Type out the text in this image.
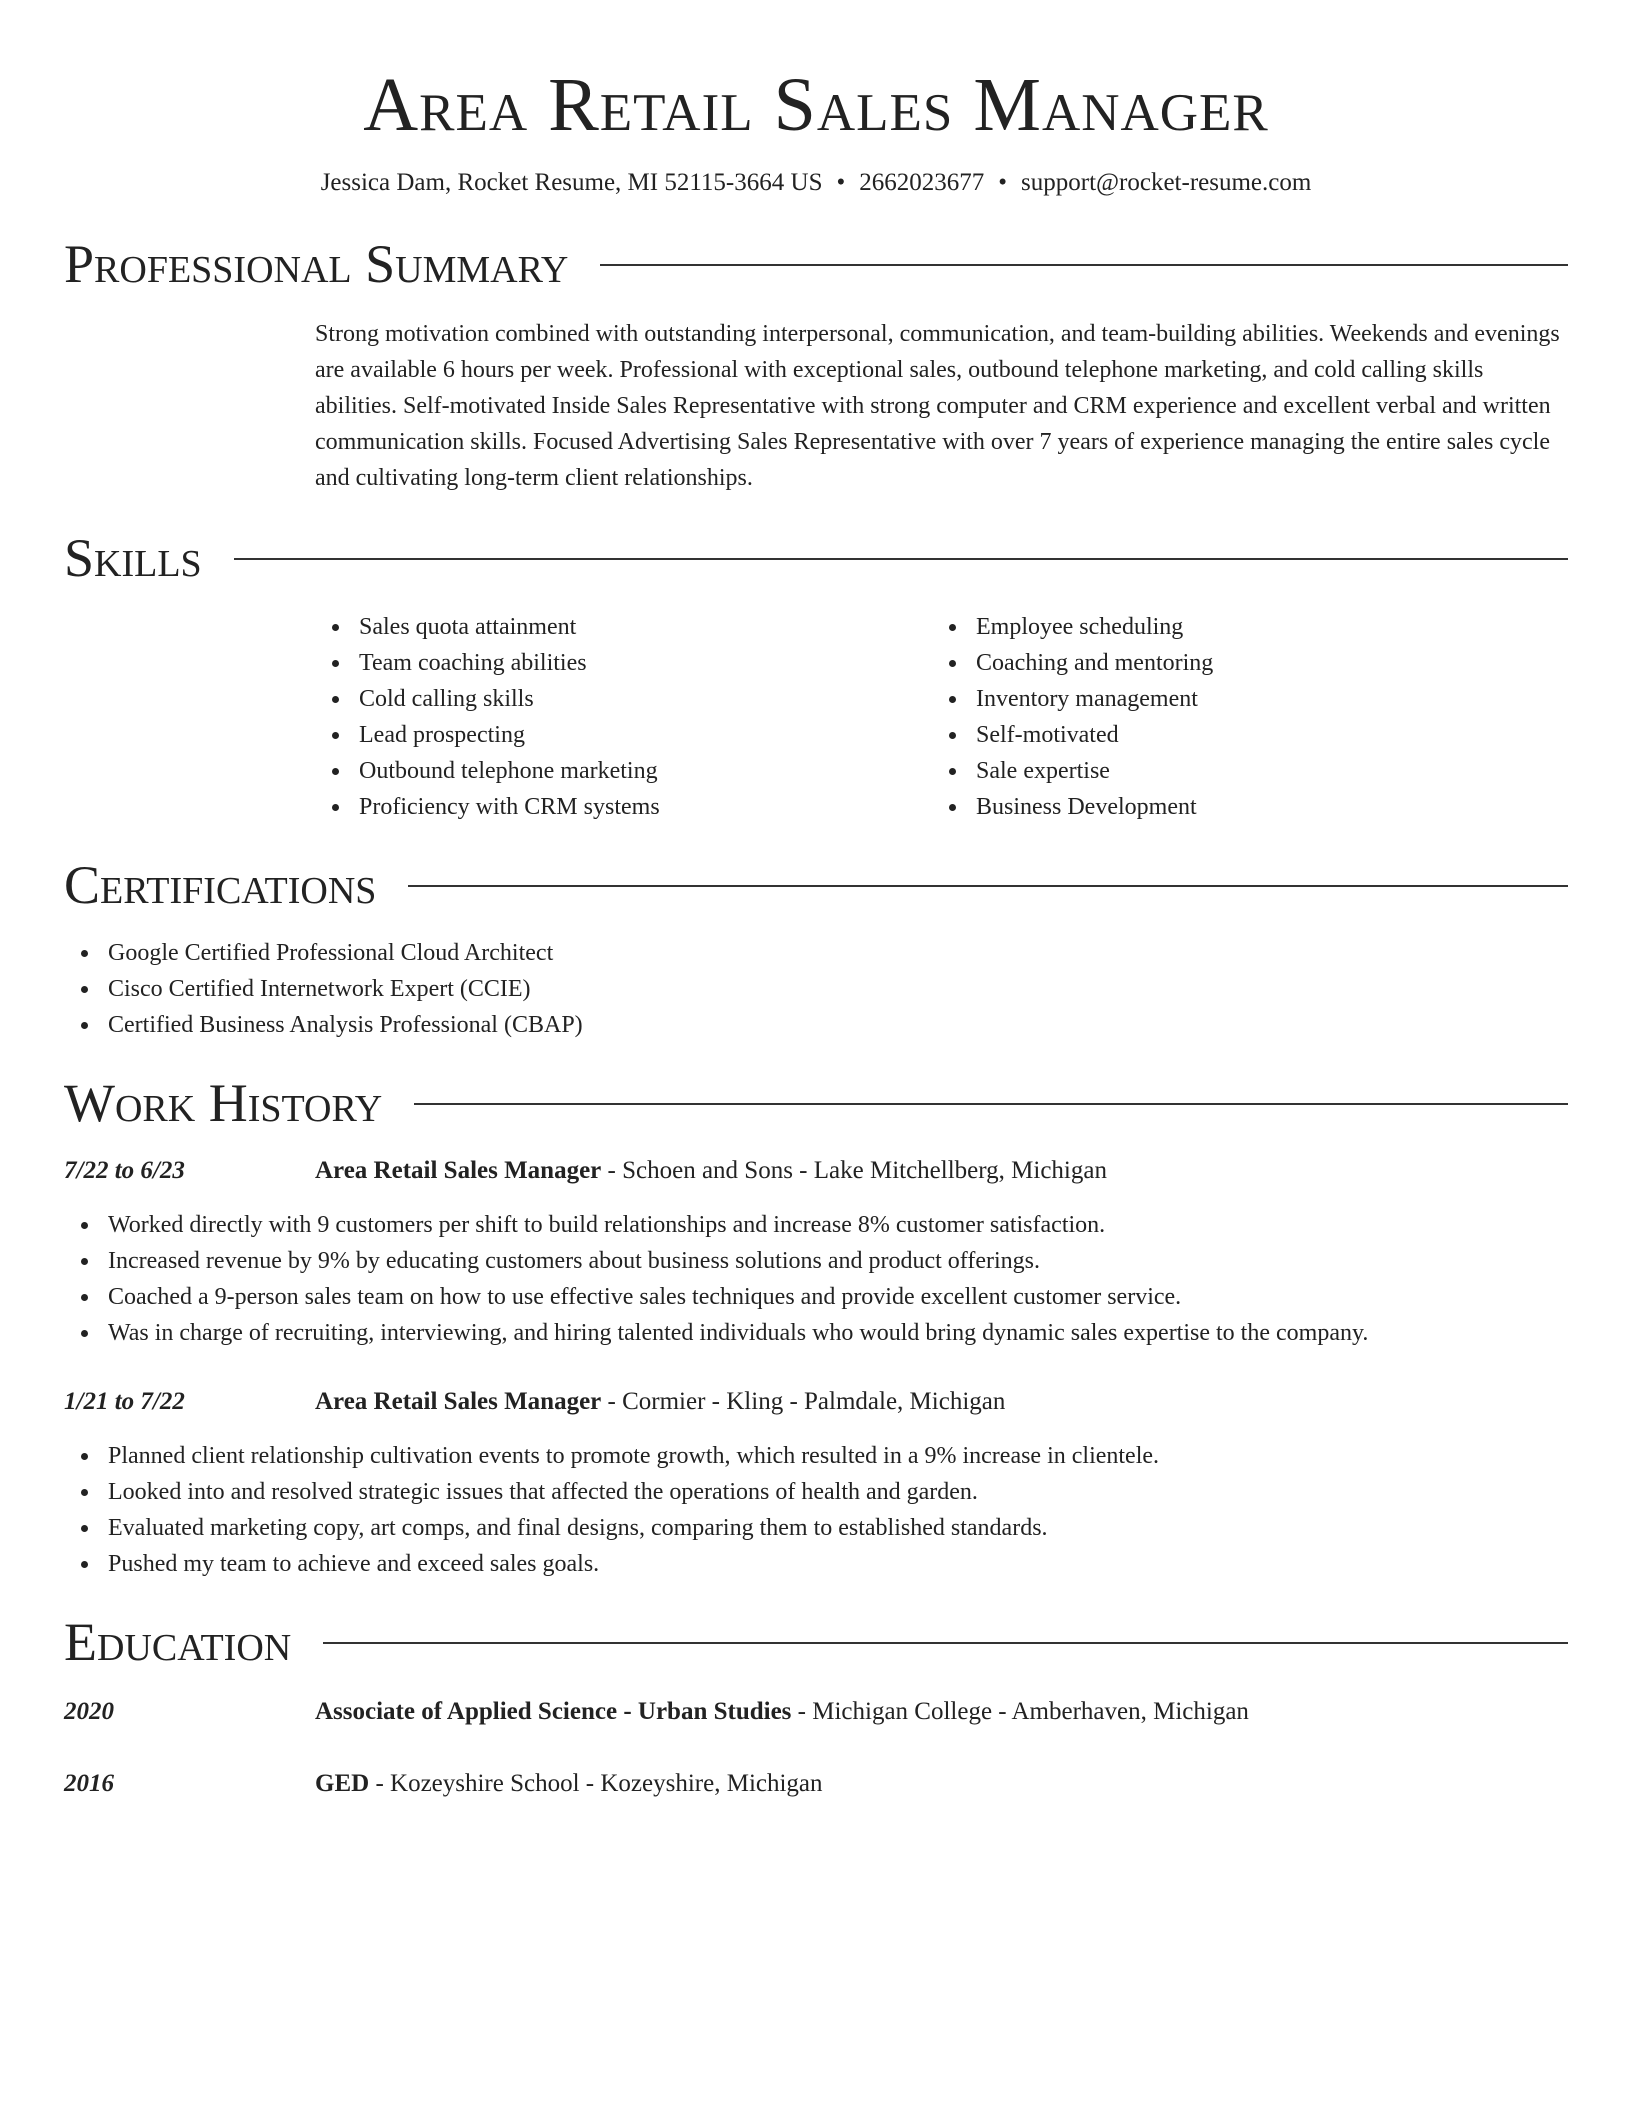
Area Retail Sales Manager
Jessica Dam, Rocket Resume, MI 52115-3664 US • 2662023677 • support@rocket-resume.com
Professional Summary

Strong motivation combined with outstanding interpersonal, communication, and team-building abilities. Weekends and evenings are available 6 hours per week. Professional with exceptional sales, outbound telephone marketing, and cold calling skills abilities. Self-motivated Inside Sales Representative with strong computer and CRM experience and excellent verbal and written communication skills. Focused Advertising Sales Representative with over 7 years of experience managing the entire sales cycle and cultivating long-term client relationships.

Skills
Sales quota attainment
Team coaching abilities
Cold calling skills
Lead prospecting
Outbound telephone marketing
Proficiency with CRM systems
Employee scheduling
Coaching and mentoring
Inventory management
Self-motivated
Sale expertise
Business Development
Certifications
Google Certified Professional Cloud Architect
Cisco Certified Internetwork Expert (CCIE)
Certified Business Analysis Professional (CBAP)
Work History
7/22 to 6/23	Area Retail Sales Manager - Schoen and Sons - Lake Mitchellberg, Michigan
Worked directly with 9 customers per shift to build relationships and increase 8% customer satisfaction.
Increased revenue by 9% by educating customers about business solutions and product offerings.
Coached a 9-person sales team on how to use effective sales techniques and provide excellent customer service.
Was in charge of recruiting, interviewing, and hiring talented individuals who would bring dynamic sales expertise to the company.
1/21 to 7/22	Area Retail Sales Manager - Cormier - Kling - Palmdale, Michigan
Planned client relationship cultivation events to promote growth, which resulted in a 9% increase in clientele.
Looked into and resolved strategic issues that affected the operations of health and garden.
Evaluated marketing copy, art comps, and final designs, comparing them to established standards.
Pushed my team to achieve and exceed sales goals.
Education
2020	Associate of Applied Science - Urban Studies - Michigan College - Amberhaven, Michigan
2016	GED - Kozeyshire School - Kozeyshire, Michigan
